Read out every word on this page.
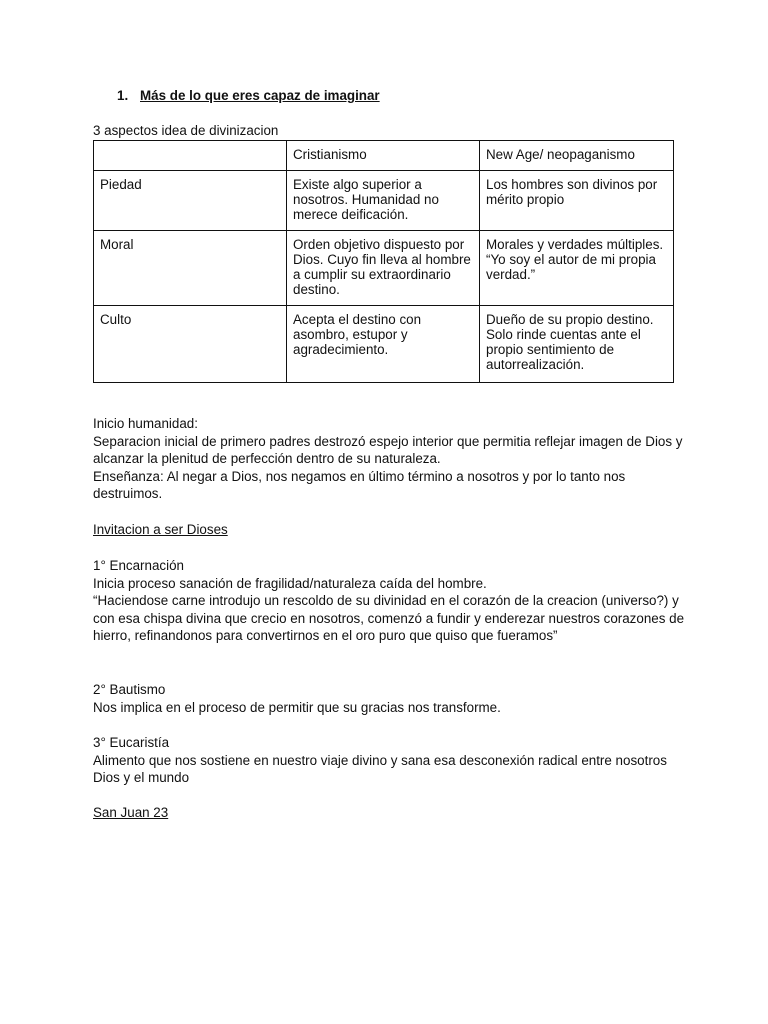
1. Más de lo que eres capaz de imaginar
3 aspectos idea de divinizacion
	Cristianismo	New Age/ neopaganismo
Piedad	Existe algo superior a nosotros. Humanidad no merece deificación.	Los hombres son divinos por mérito propio
Moral	Orden objetivo dispuesto por Dios. Cuyo fin lleva al hombre a cumplir su extraordinario destino.	Morales y verdades múltiples. “Yo soy el autor de mi propia verdad.”
Culto	Acepta el destino con asombro, estupor y agradecimiento.	Dueño de su propio destino. Solo rinde cuentas ante el propio sentimiento de autorrealización.

Inicio humanidad:

Separacion inicial de primero padres destrozó espejo interior que permitia reflejar imagen de Dios y alcanzar la plenitud de perfección dentro de su naturaleza.

Enseñanza: Al negar a Dios, nos negamos en último término a nosotros y por lo tanto nos destruimos.

Invitacion a ser Dioses

1° Encarnación

Inicia proceso sanación de fragilidad/naturaleza caída del hombre.

“Haciendose carne introdujo un rescoldo de su divinidad en el corazón de la creacion (universo?) y con esa chispa divina que crecio en nosotros, comenzó a fundir y enderezar nuestros corazones de hierro, refinandonos para convertirnos en el oro puro que quiso que fueramos”

2° Bautismo

Nos implica en el proceso de permitir que su gracias nos transforme.

3° Eucaristía

Alimento que nos sostiene en nuestro viaje divino y sana esa desconexión radical entre nosotros Dios y el mundo

San Juan 23
